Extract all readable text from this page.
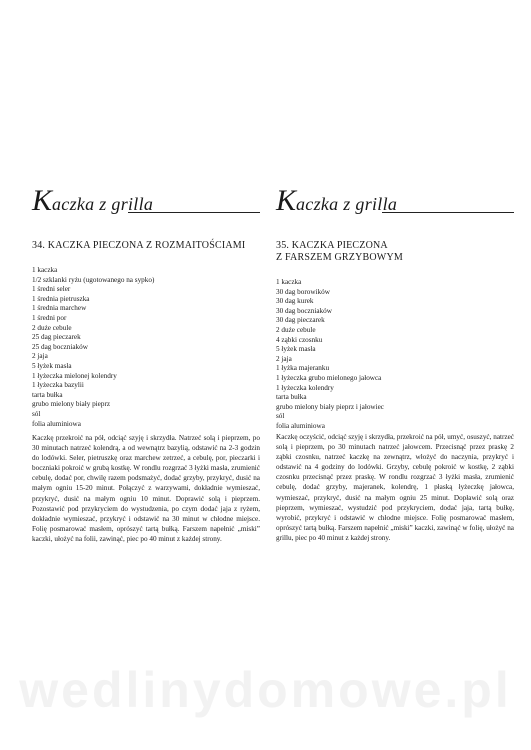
K aczka z grilla
34. KACZKA PIECZONA Z ROZMAITOŚCIAMI
1 kaczka
1/2 szklanki ryżu (ugotowanego na sypko)
1 średni seler
1 średnia pietruszka
1 średnia marchew
1 średni por
2 duże cebule
25 dag pieczarek
25 dag boczniaków
2 jaja
5 łyżek masła
1 łyżeczka mielonej kolendry
1 łyżeczka bazylii
tarta bułka
grubo mielony biały pieprz
sól
folia aluminiowa

Kaczkę przekroić na pół, odciąć szyję i skrzydła. Natrzeć solą i pieprzem, po 30 minutach natrzeć kolendrą, a od wewnątrz bazylią, odstawić na 2-3 godzin do lodówki. Seler, pietruszkę oraz marchew zetrzeć, a cebulę, por, pieczarki i boczniaki pokroić w grubą kostkę. W rondlu rozgrzać 3 łyżki masła, zrumienić cebulę, dodać por, chwilę razem podsmażyć, dodać grzyby, przykryć, dusić na małym ogniu 15-20 minut. Połączyć z warzywami, dokładnie wymieszać, przykryć, dusić na małym ogniu 10 minut. Doprawić solą i pieprzem. Pozostawić pod przykryciem do wystudzenia, po czym dodać jaja z ryżem, dokładnie wymieszać, przykryć i odstawić na 30 minut w chłodne miejsce. Folię posmarować masłem, oprószyć tartą bułką. Farszem napełnić „miski” kaczki, ułożyć na folii, zawinąć, piec po 40 minut z każdej strony.

K aczka z grilla
35. KACZKA PIECZONA
Z FARSZEM GRZYBOWYM
1 kaczka
30 dag borowików
30 dag kurek
30 dag boczniaków
30 dag pieczarek
2 duże cebule
4 ząbki czosnku
5 łyżek masła
2 jaja
1 łyżka majeranku
1 łyżeczka grubo mielonego jałowca
1 łyżeczka kolendry
tarta bułka
grubo mielony biały pieprz i jałowiec
sól
folia aluminiowa

Kaczkę oczyścić, odciąć szyję i skrzydła, przekroić na pół, umyć, osuszyć, natrzeć solą i pieprzem, po 30 minutach natrzeć jałowcem. Przecisnąć przez praskę 2 ząbki czosnku, natrzeć kaczkę na zewnątrz, włożyć do naczynia, przykryć i odstawić na 4 godziny do lodówki. Grzyby, cebulę pokroić w kostkę, 2 ząbki czosnku przecisnąć przez praskę. W rondlu rozgrzać 3 łyżki masła, zrumienić cebulę, dodać grzyby, majeranek, kolendrę, 1 płaską łyżeczkę jałowca, wymieszać, przykryć, dusić na małym ogniu 25 minut. Dopławić solą oraz pieprzem, wymieszać, wystudzić pod przykryciem, dodać jaja, tartą bułkę, wyrobić, przykryć i odstawić w chłodne miejsce. Folię posmarować masłem, oprószyć tartą bułką. Farszem napełnić „miski” kaczki, zawinąć w folię, ułożyć na grillu, piec po 40 minut z każdej strony.

wedlinydomowe.pl
